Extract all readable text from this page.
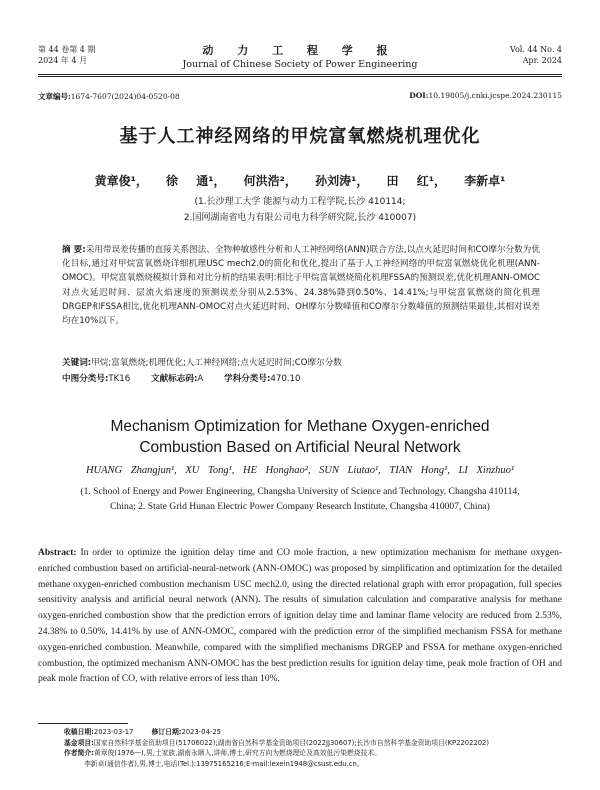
第 44 卷第 4 期
2024 年 4 月
动 力 工 程 学 报
Journal of Chinese Society of Power Engineering
Vol. 44 No. 4
Apr. 2024
文章编号:1674-7607(2024)04-0520-08	DOI:10.19805/j.cnki.jcspe.2024.230115
基于人工神经网络的甲烷富氧燃烧机理优化
黄章俊¹， 徐 通¹， 何洪浩²， 孙刘涛¹， 田 红¹， 李新卓¹
(1.长沙理工大学 能源与动力工程学院,长沙 410114;
2.国网湖南省电力有限公司电力科学研究院,长沙 410007)
摘 要:采用带误差传播的直接关系图法、全物种敏感性分析和人工神经网络(ANN)联合方法,以点火延迟时间和CO摩尔分数为优化目标,通过对甲烷富氧燃烧详细机理USC mech2.0的简化和优化,提出了基于人工神经网络的甲烷富氧燃烧优化机理(ANN-OMOC)。甲烷富氧燃烧模拟计算和对比分析的结果表明:相比于甲烷富氧燃烧简化机理FSSA的预测误差,优化机理ANN-OMOC对点火延迟时间、层流火焰速度的预测误差分别从2.53%、24.38%降到0.50%、14.41%;与甲烷富氧燃烧的简化机理DRGEP和FSSA相比,优化机理ANN-OMOC对点火延迟时间、OH摩尔分数峰值和CO摩尔分数峰值的预测结果最佳,其相对误差均在10%以下。
关键词:甲烷;富氧燃烧;机理优化;人工神经网络;点火延迟时间;CO摩尔分数
中图分类号:TK16 文献标志码:A 学科分类号:470.10
Mechanism Optimization for Methane Oxygen-enriched
Combustion Based on Artificial Neural Network
HUANG Zhangjun¹, XU Tong¹, HE Honghao², SUN Liutao¹, TIAN Hong¹, LI Xinzhuo¹
(1. School of Energy and Power Engineering, Changsha University of Science and Technology, Changsha 410114, China; 2. State Grid Hunan Electric Power Company Research Institute, Changsha 410007, China)
Abstract: In order to optimize the ignition delay time and CO mole fraction, a new optimization mechanism for methane oxygen-enriched combustion based on artificial-neural-network (ANN-OMOC) was proposed by simplification and optimization for the detailed methane oxygen-enriched combustion mechanism USC mech2.0, using the directed relational graph with error propagation, full species sensitivity analysis and artificial neural network (ANN). The results of simulation calculation and comparative analysis for methane oxygen-enriched combustion show that the prediction errors of ignition delay time and laminar flame velocity are reduced from 2.53%, 24.38% to 0.50%, 14.41% by use of ANN-OMOC, compared with the prediction error of the simplified mechanism FSSA for methane oxygen-enriched combustion. Meanwhile, compared with the simplified mechanisms DRGEP and FSSA for methane oxygen-enriched combustion, the optimized mechanism ANN-OMOC has the best prediction results for ignition delay time, peak mole fraction of OH and peak mole fraction of CO, with relative errors of less than 10%.
收稿日期:2023-03-17	修订日期:2023-04-25
基金项目:国家自然科学基金资助项目(51706022);湖南省自然科学基金资助项目(2022JJ30607);长沙市自然科学基金资助项目(KP2202202)
作者简介:黄章俊(1976—),男,土家族,湖南永顺人,讲师,博士,研究方向为燃烧理论及高效低污染燃烧技术。
李新卓(通信作者),男,博士,电话(Tel.):13975165216;E-mail:lexein1948@csust.edu.cn。
